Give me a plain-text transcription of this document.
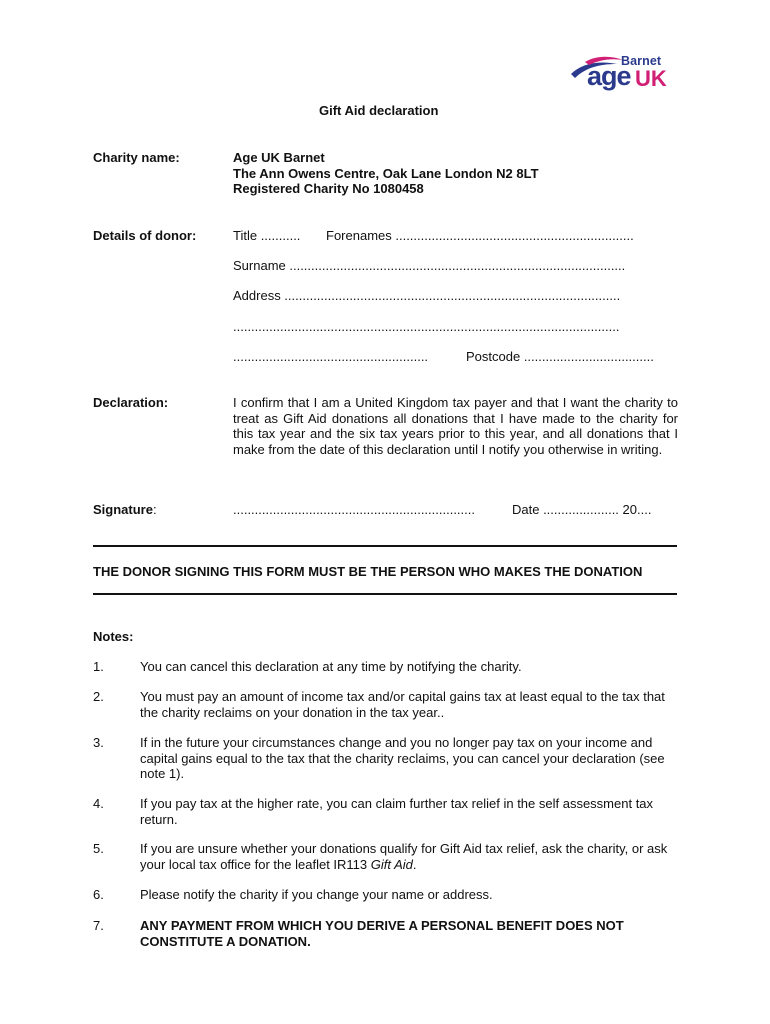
Barnet
age UK
Gift Aid declaration
Charity name:	Age UK Barnet
The Ann Owens Centre, Oak Lane London N2 8LT
Registered Charity No 1080458
Details of donor:	Title ........... Forenames ..................................................................
Surname .............................................................................................
Address .............................................................................................
...........................................................................................................
......................................................	Postcode ....................................
Declaration:	I confirm that I am a United Kingdom tax payer and that I want the charity to treat as Gift Aid donations all donations that I have made to the charity for this tax year and the six tax years prior to this year, and all donations that I make from the date of this declaration until I notify you otherwise in writing.
Signature:	...................................................................	Date ..................... 20....
THE DONOR SIGNING THIS FORM MUST BE THE PERSON WHO MAKES THE DONATION
Notes:
1.	You can cancel this declaration at any time by notifying the charity.
2.	You must pay an amount of income tax and/or capital gains tax at least equal to the tax that the charity reclaims on your donation in the tax year..
3.	If in the future your circumstances change and you no longer pay tax on your income and capital gains equal to the tax that the charity reclaims, you can cancel your declaration (see note 1).
4.	If you pay tax at the higher rate, you can claim further tax relief in the self assessment tax return.
5.	If you are unsure whether your donations qualify for Gift Aid tax relief, ask the charity, or ask your local tax office for the leaflet IR113 Gift Aid.
6.	Please notify the charity if you change your name or address.
7.	ANY PAYMENT FROM WHICH YOU DERIVE A PERSONAL BENEFIT DOES NOT CONSTITUTE A DONATION.
